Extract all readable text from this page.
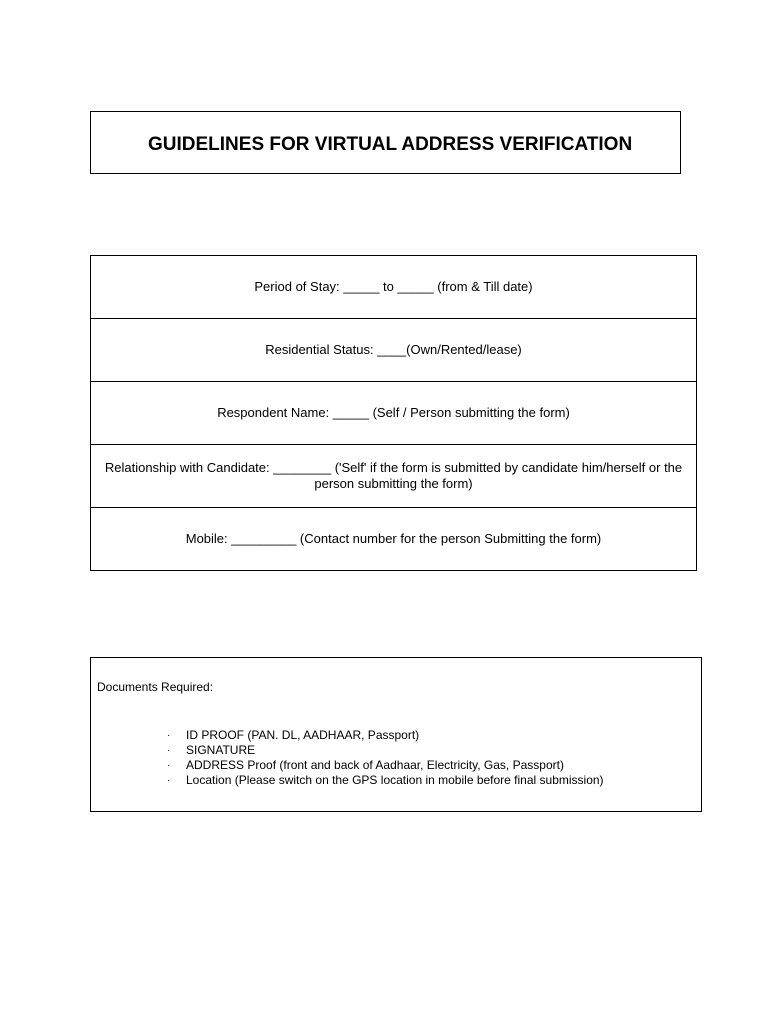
GUIDELINES FOR VIRTUAL ADDRESS VERIFICATION
Period of Stay: _____ to _____ (from & Till date)
Residential Status: ____(Own/Rented/lease)
Respondent Name: _____ (Self / Person submitting the form)
Relationship with Candidate: ________ ('Self' if the form is submitted by candidate him/herself or the person submitting the form)
Mobile: _________ (Contact number for the person Submitting the form)
Documents Required:
· ID PROOF (PAN. DL, AADHAAR, Passport)
· SIGNATURE
· ADDRESS Proof (front and back of Aadhaar, Electricity, Gas, Passport)
· Location (Please switch on the GPS location in mobile before final submission)
